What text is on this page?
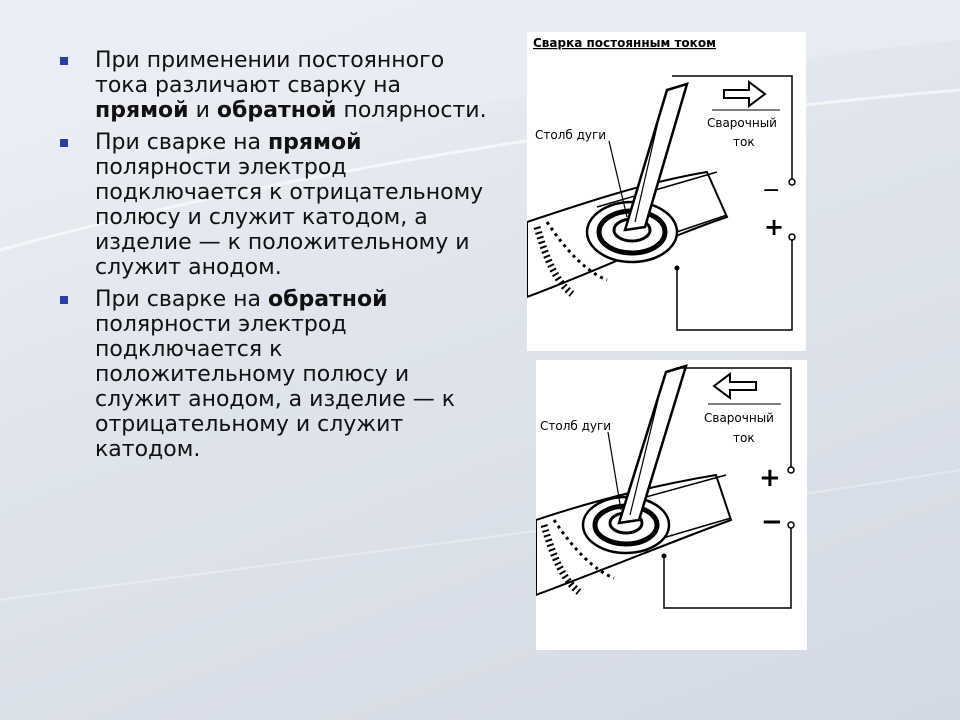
При применении постоянного тока различают сварку на прямой и обратной полярности.
При сварке на прямой полярности электрод подключается к отрицательному полюсу и служит катодом, а изделие — к положительному и служит анодом.
При сварке на обратной полярности электрод подключается к положительному полюсу и служит анодом, а изделие — к отрицательному и служит катодом.
Сварка постоянным током
Столб дуги
−
+
Сварочный
ток
Столб дуги
+
−
Сварочный
ток
